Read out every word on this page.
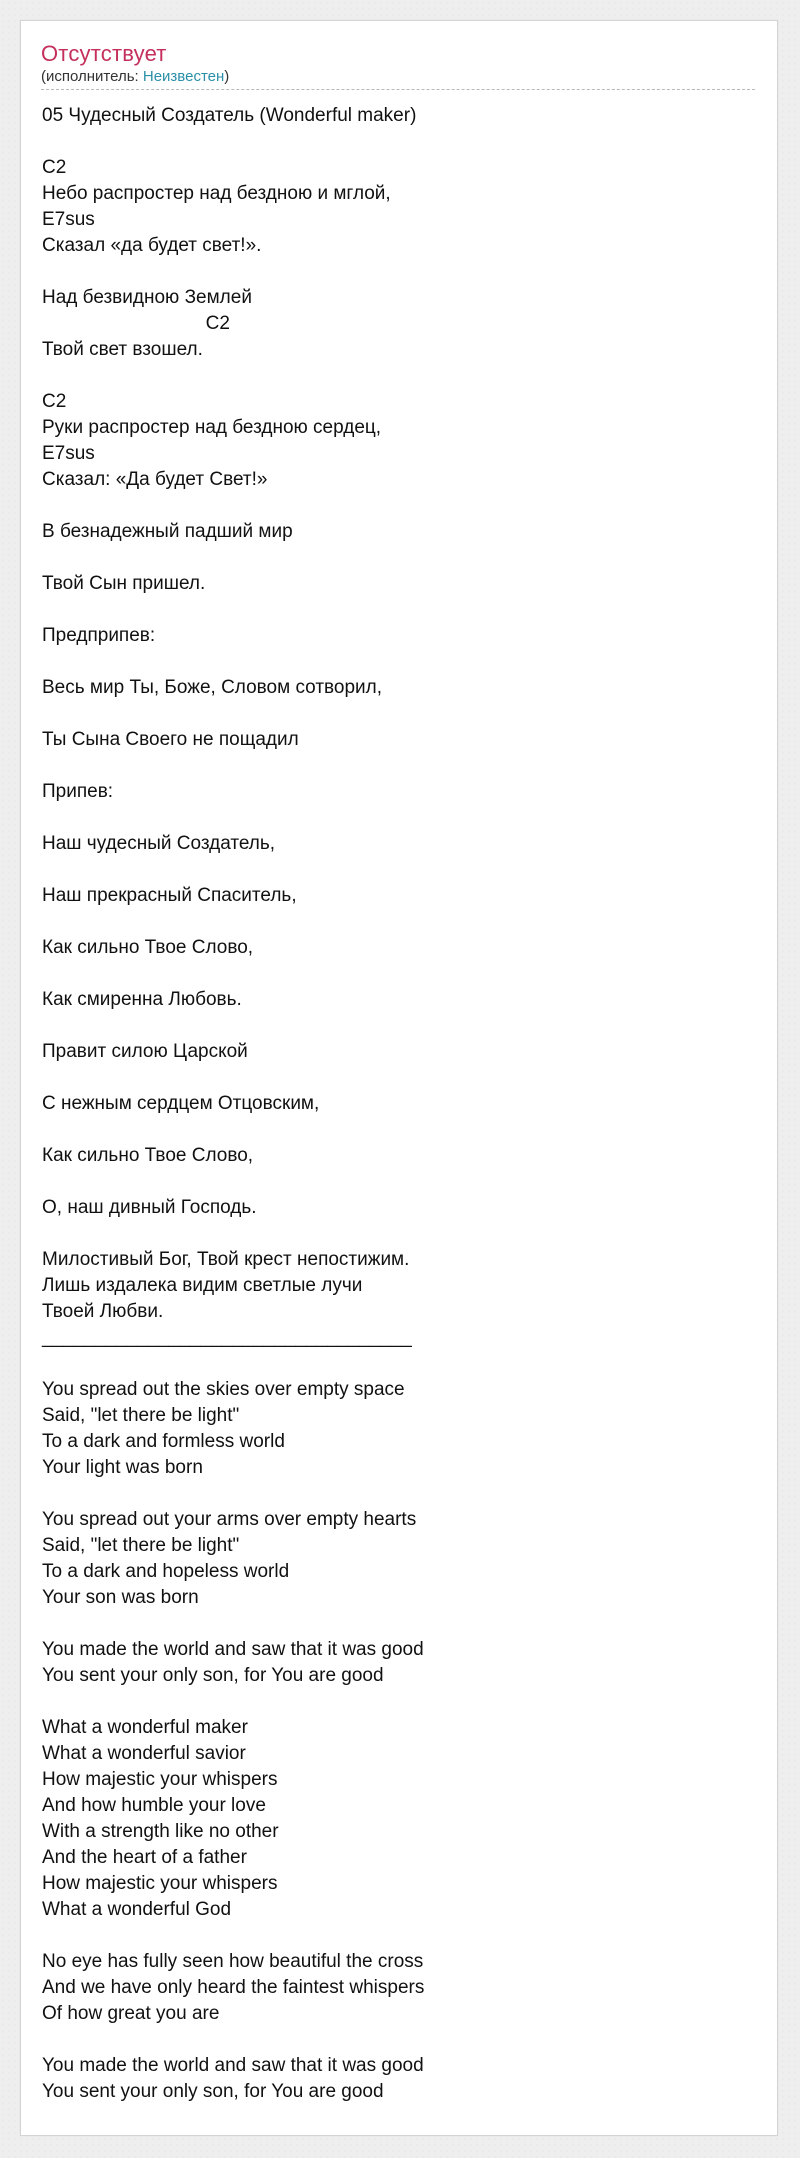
Отсутствует
(исполнитель: Неизвестен)
05 Чудесный Создатель (Wonderful maker)

C2
Небо распростер над безднoю и мглой,
E7sus
Сказал «да будет свет!».

Над безвидною Землей
C2
Твой свет взошел.

C2
Руки распростер над бездною сердец,
E7sus
Сказал: «Да будет Свет!»

В безнадежный падший мир

Твой Сын пришел.

Предприпев:

Весь мир Ты, Боже, Словом сотворил,

Ты Сына Своего не пощадил

Припев:

Наш чудесный Создатель,

Наш прекрасный Спаситель,

Как сильно Твое Слово,

Как смиренна Любовь.

Правит силою Царской

С нежным сердцем Отцовским,

Как сильно Твое Слово,

О, наш дивный Господь.

Милостивый Бог, Твой крест непостижим.
Лишь издалека видим светлые лучи
Твоей Любви.
___________________________________

You spread out the skies over empty space
Said, "let there be light"
To a dark and formless world
Your light was born

You spread out your arms over empty hearts
Said, "let there be light"
To a dark and hopeless world
Your son was born

You made the world and saw that it was good
You sent your only son, for You are good

What a wonderful maker
What a wonderful savior
How majestic your whispers
And how humble your love
With a strength like no other
And the heart of a father
How majestic your whispers
What a wonderful God

No eye has fully seen how beautiful the cross
And we have only heard the faintest whispers
Of how great you are

You made the world and saw that it was good
You sent your only son, for You are good
